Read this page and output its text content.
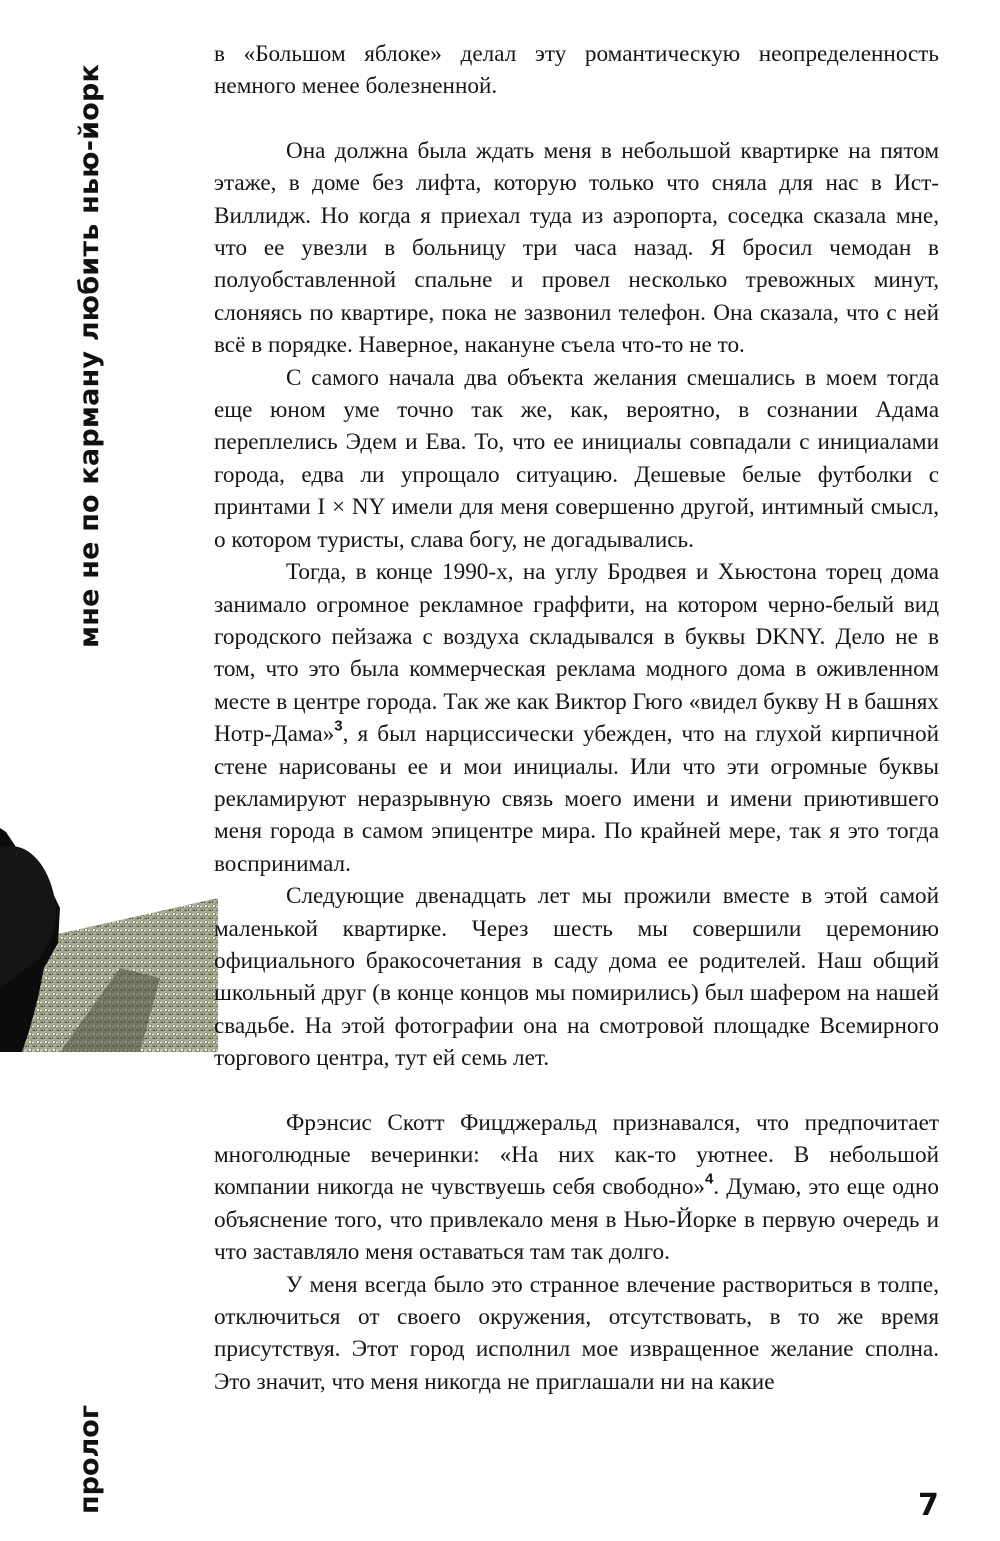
мне не по карману любить нью-йорк
пролог

в «Большом яблоке» делал эту романтическую неопределенность немного менее болезненной.

Она должна была ждать меня в небольшой квартирке на пятом этаже, в доме без лифта, которую только что сняла для нас в Ист-Виллидж. Но когда я приехал туда из аэропорта, соседка сказала мне, что ее увезли в больницу три часа назад. Я бросил чемодан в полуобставленной спальне и провел несколько тревожных минут, слоняясь по квартире, пока не зазвонил телефон. Она сказала, что с ней всё в порядке. Наверное, накануне съела что-то не то.

С самого начала два объекта желания смешались в моем тогда еще юном уме точно так же, как, вероятно, в сознании Адама переплелись Эдем и Ева. То, что ее инициалы совпадали с инициалами города, едва ли упрощало ситуацию. Дешевые белые футболки с принтами I × NY имели для меня совершенно другой, интимный смысл, о котором туристы, слава богу, не догадывались.

Тогда, в конце 1990-х, на углу Бродвея и Хьюстона торец дома занимало огромное рекламное граффити, на котором черно-белый вид городского пейзажа с воздуха складывался в буквы DKNY. Дело не в том, что это была коммерческая реклама модного дома в оживленном месте в центре города. Так же как Виктор Гюго «видел букву H в башнях Нотр-Дама»$^3$, я был нарциссически убежден, что на глухой кирпичной стене нарисованы ее и мои инициалы. Или что эти огромные буквы рекламируют неразрывную связь моего имени и имени приютившего меня города в самом эпицентре мира. По крайней мере, так я это тогда воспринимал.

Следующие двенадцать лет мы прожили вместе в этой самой маленькой квартирке. Через шесть мы совершили церемонию официального бракосочетания в саду дома ее родителей. Наш общий школьный друг (в конце концов мы помирились) был шафером на нашей свадьбе. На этой фотографии она на смотровой площадке Всемирного торгового центра, тут ей семь лет.

Фрэнсис Скотт Фицджеральд признавался, что предпочитает многолюдные вечеринки: «На них как-то уютнее. В небольшой компании никогда не чувствуешь себя свободно»$^4$. Думаю, это еще одно объяснение того, что привлекало меня в Нью-Йорке в первую очередь и что заставляло меня оставаться там так долго.

У меня всегда было это странное влечение раствориться в толпе, отключиться от своего окружения, отсутствовать, в то же время присутствуя. Этот город исполнил мое извращенное желание сполна. Это значит, что меня никогда не приглашали ни на какие

7
